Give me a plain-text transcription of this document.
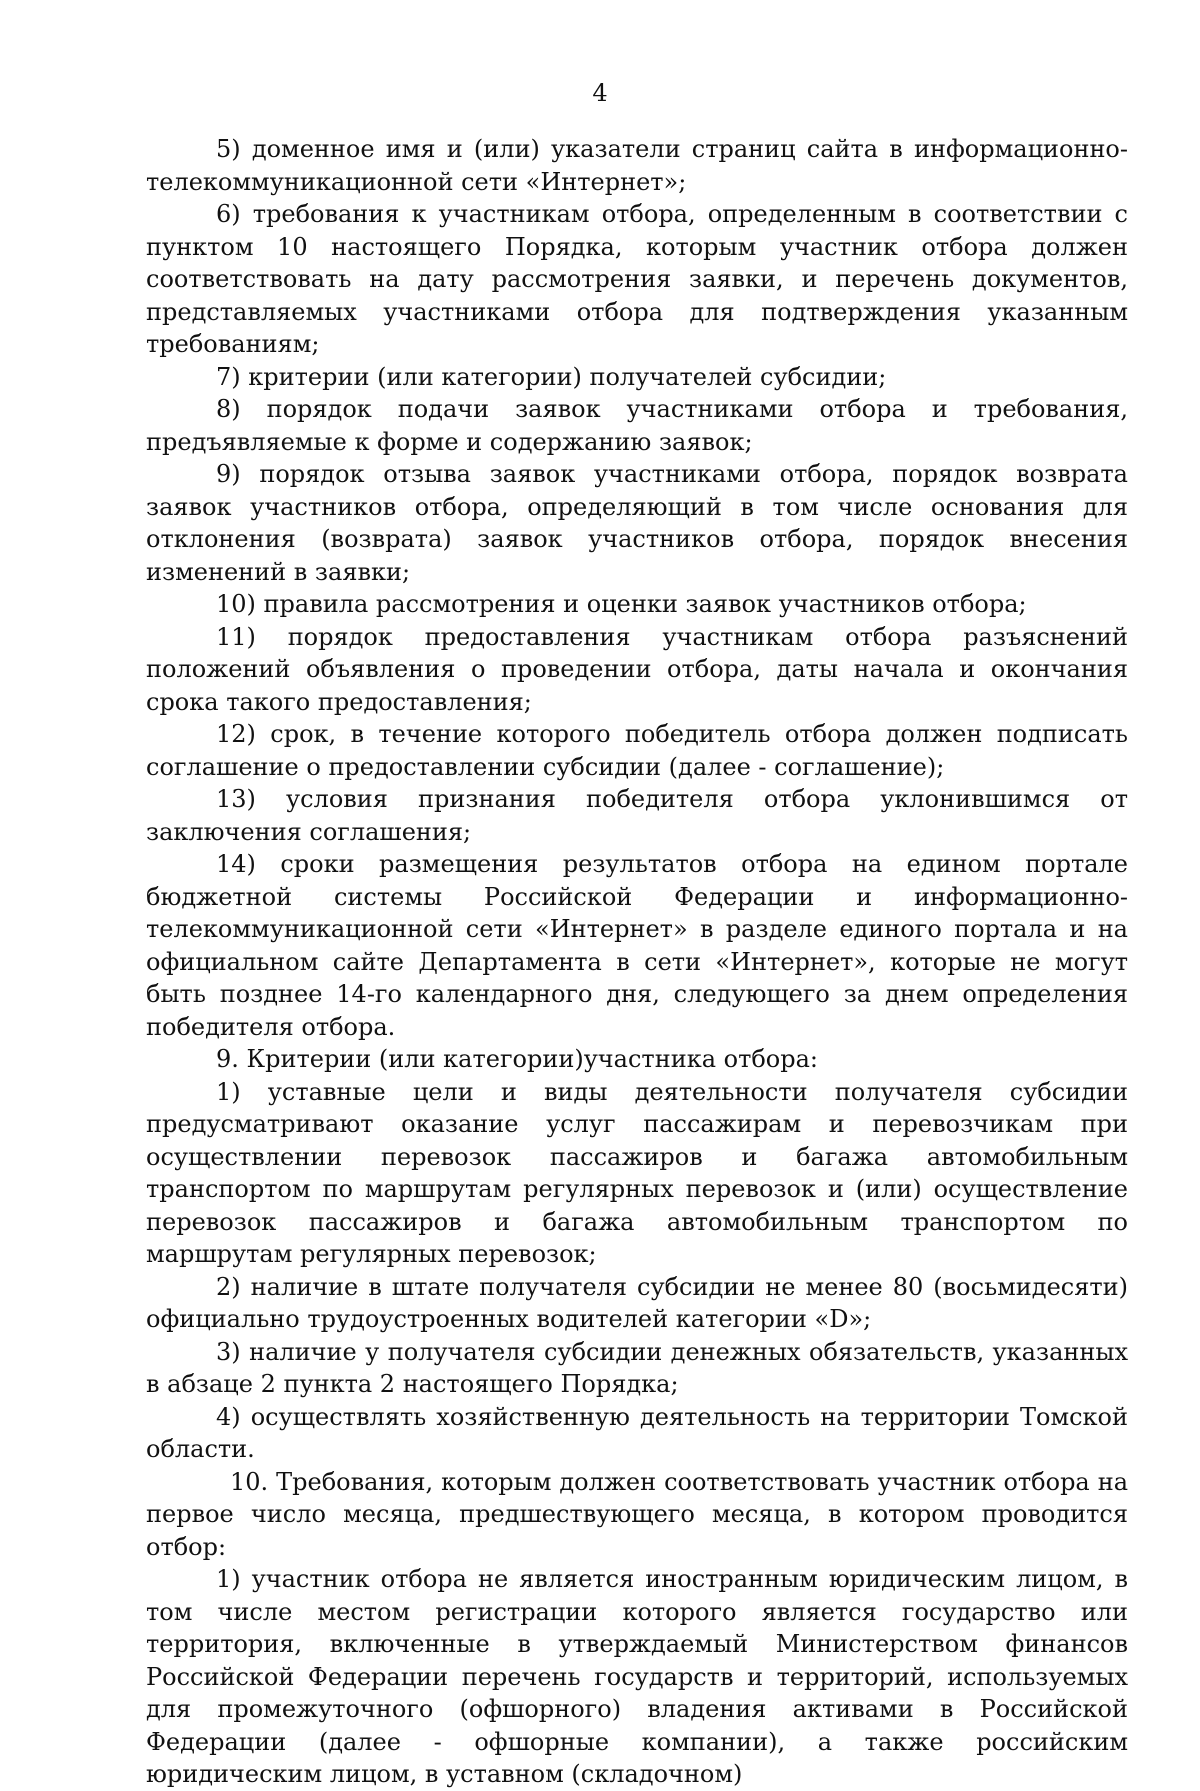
4

5) доменное имя и (или) указатели страниц сайта в информационно-телекоммуникационной сети «Интернет»;

6) требования к участникам отбора, определенным в соответствии с пунктом 10 настоящего Порядка, которым участник отбора должен соответствовать на дату рассмотрения заявки, и перечень документов, представляемых участниками отбора для подтверждения указанным требованиям;

7) критерии (или категории) получателей субсидии;

8) порядок подачи заявок участниками отбора и требования, предъявляемые к форме и содержанию заявок;

9) порядок отзыва заявок участниками отбора, порядок возврата заявок участников отбора, определяющий в том числе основания для отклонения (возврата) заявок участников отбора, порядок внесения изменений в заявки;

10) правила рассмотрения и оценки заявок участников отбора;

11) порядок предоставления участникам отбора разъяснений положений объявления о проведении отбора, даты начала и окончания срока такого предоставления;

12) срок, в течение которого победитель отбора должен подписать соглашение о предоставлении субсидии (далее - соглашение);

13) условия признания победителя отбора уклонившимся от заключения соглашения;

14) сроки размещения результатов отбора на едином портале бюджетной системы Российской Федерации и информационно- телекоммуникационной сети «Интернет» в разделе единого портала и на официальном сайте Департамента в сети «Интернет», которые не могут быть позднее 14-го календарного дня, следующего за днем определения победителя отбора.

9. Критерии (или категории)участника отбора:

1) уставные цели и виды деятельности получателя субсидии предусматривают оказание услуг пассажирам и перевозчикам при осуществлении перевозок пассажиров и багажа автомобильным транспортом по маршрутам регулярных перевозок и (или) осуществление перевозок пассажиров и багажа автомобильным транспортом по маршрутам регулярных перевозок;

2) наличие в штате получателя субсидии не менее 80 (восьмидесяти) официально трудоустроенных водителей категории «D»;

3) наличие у получателя субсидии денежных обязательств, указанных в абзаце 2 пункта 2 настоящего Порядка;

4) осуществлять хозяйственную деятельность на территории Томской области.

10. Требования, которым должен соответствовать участник отбора на первое число месяца, предшествующего месяца, в котором проводится отбор:

1) участник отбора не является иностранным юридическим лицом, в том числе местом регистрации которого является государство или территория, включенные в утверждаемый Министерством финансов Российской Федерации перечень государств и территорий, используемых для промежуточного (офшорного) владения активами в Российской Федерации (далее - офшорные компании), а также российским юридическим лицом, в уставном (складочном)
